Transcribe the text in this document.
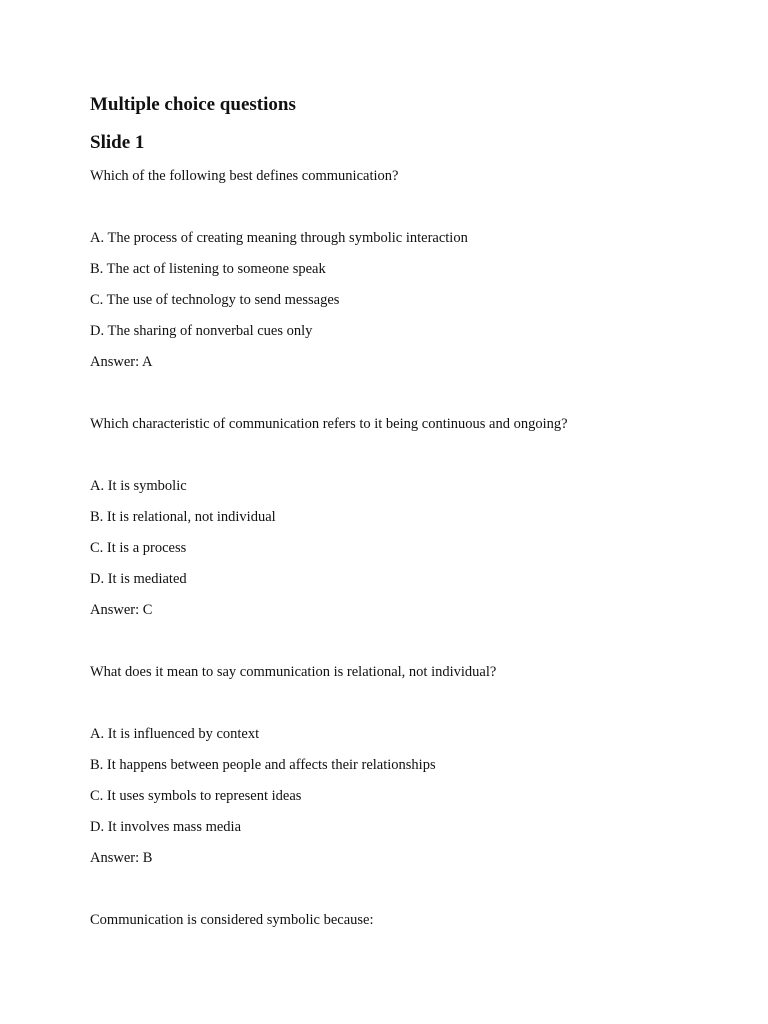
Multiple choice questions
Slide 1

Which of the following best defines communication?

A. The process of creating meaning through symbolic interaction

B. The act of listening to someone speak

C. The use of technology to send messages

D. The sharing of nonverbal cues only

Answer: A

Which characteristic of communication refers to it being continuous and ongoing?

A. It is symbolic

B. It is relational, not individual

C. It is a process

D. It is mediated

Answer: C

What does it mean to say communication is relational, not individual?

A. It is influenced by context

B. It happens between people and affects their relationships

C. It uses symbols to represent ideas

D. It involves mass media

Answer: B

Communication is considered symbolic because:
